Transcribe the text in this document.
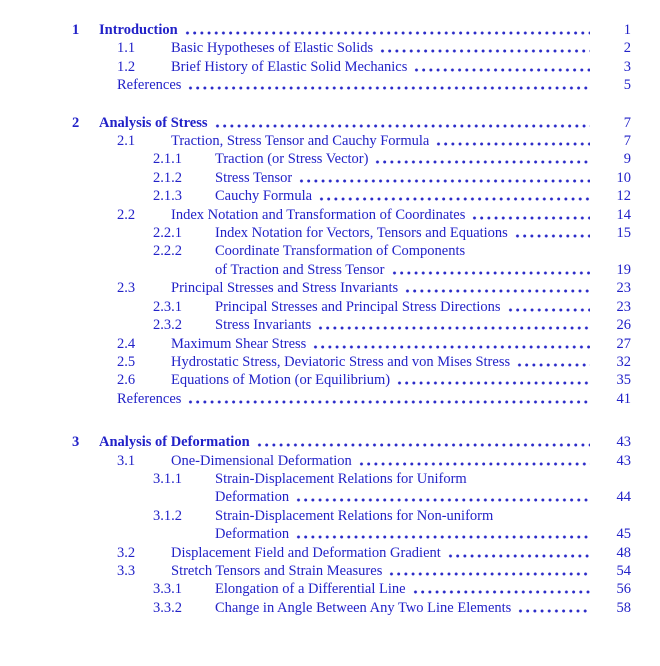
1	Introduction	1
1.1	Basic Hypotheses of Elastic Solids	2
1.2	Brief History of Elastic Solid Mechanics	3
References	5
2	Analysis of Stress	7
2.1	Traction, Stress Tensor and Cauchy Formula	7
2.1.1	Traction (or Stress Vector)	9
2.1.2	Stress Tensor	10
2.1.3	Cauchy Formula	12
2.2	Index Notation and Transformation of Coordinates	14
2.2.1	Index Notation for Vectors, Tensors and Equations	15
2.2.2	Coordinate Transformation of Components
of Traction and Stress Tensor	19
2.3	Principal Stresses and Stress Invariants	23
2.3.1	Principal Stresses and Principal Stress Directions	23
2.3.2	Stress Invariants	26
2.4	Maximum Shear Stress	27
2.5	Hydrostatic Stress, Deviatoric Stress and von Mises Stress	32
2.6	Equations of Motion (or Equilibrium)	35
References	41
3	Analysis of Deformation	43
3.1	One-Dimensional Deformation	43
3.1.1	Strain-Displacement Relations for Uniform
Deformation	44
3.1.2	Strain-Displacement Relations for Non-uniform
Deformation	45
3.2	Displacement Field and Deformation Gradient	48
3.3	Stretch Tensors and Strain Measures	54
3.3.1	Elongation of a Differential Line	56
3.3.2	Change in Angle Between Any Two Line Elements	58
